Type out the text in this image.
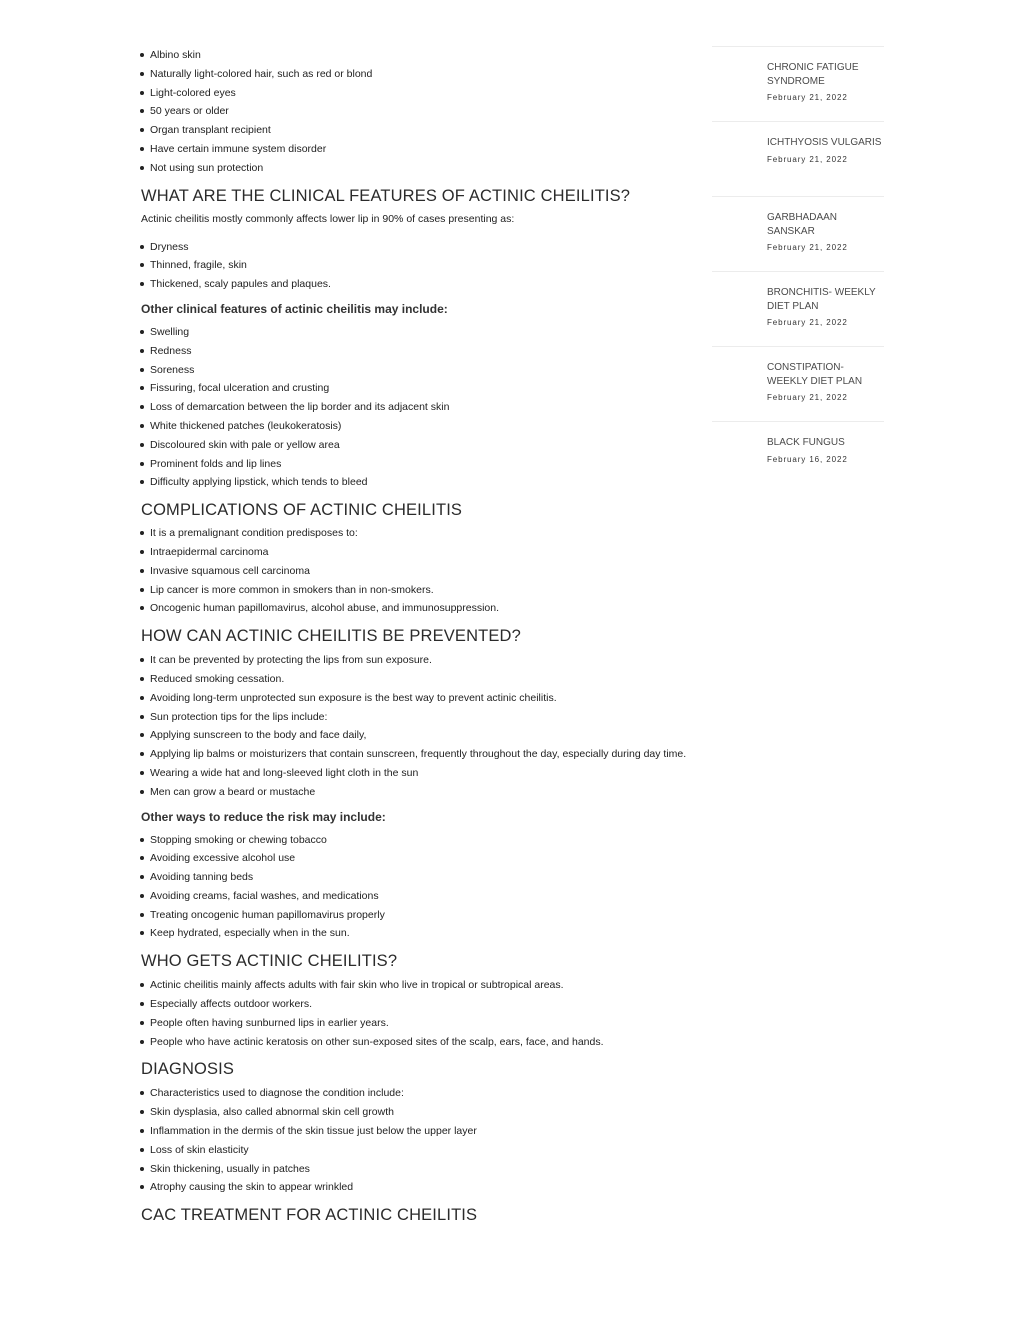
Albino skin
Naturally light-colored hair, such as red or blond
Light-colored eyes
50 years or older
Organ transplant recipient
Have certain immune system disorder
Not using sun protection
WHAT ARE THE CLINICAL FEATURES OF ACTINIC CHEILITIS?

Actinic cheilitis mostly commonly affects lower lip in 90% of cases presenting as:

Dryness
Thinned, fragile, skin
Thickened, scaly papules and plaques.
Other clinical features of actinic cheilitis may include:
Swelling
Redness
Soreness
Fissuring, focal ulceration and crusting
Loss of demarcation between the lip border and its adjacent skin
White thickened patches (leukokeratosis)
Discoloured skin with pale or yellow area
Prominent folds and lip lines
Difficulty applying lipstick, which tends to bleed
COMPLICATIONS OF ACTINIC CHEILITIS
It is a premalignant condition predisposes to:
Intraepidermal carcinoma
Invasive squamous cell carcinoma
Lip cancer is more common in smokers than in non-smokers.
Oncogenic human papillomavirus, alcohol abuse, and immunosuppression.
HOW CAN ACTINIC CHEILITIS BE PREVENTED?
It can be prevented by protecting the lips from sun exposure.
Reduced smoking cessation.
Avoiding long-term unprotected sun exposure is the best way to prevent actinic cheilitis.
Sun protection tips for the lips include:
Applying sunscreen to the body and face daily,
Applying lip balms or moisturizers that contain sunscreen, frequently throughout the day, especially during day time.
Wearing a wide hat and long-sleeved light cloth in the sun
Men can grow a beard or mustache
Other ways to reduce the risk may include:
Stopping smoking or chewing tobacco
Avoiding excessive alcohol use
Avoiding tanning beds
Avoiding creams, facial washes, and medications
Treating oncogenic human papillomavirus properly
Keep hydrated, especially when in the sun.
WHO GETS ACTINIC CHEILITIS?
Actinic cheilitis mainly affects adults with fair skin who live in tropical or subtropical areas.
Especially affects outdoor workers.
People often having sunburned lips in earlier years.
People who have actinic keratosis on other sun-exposed sites of the scalp, ears, face, and hands.
DIAGNOSIS
Characteristics used to diagnose the condition include:
Skin dysplasia, also called abnormal skin cell growth
Inflammation in the dermis of the skin tissue just below the upper layer
Loss of skin elasticity
Skin thickening, usually in patches
Atrophy causing the skin to appear wrinkled
CAC TREATMENT FOR ACTINIC CHEILITIS
CHRONIC FATIGUE SYNDROME
February 21, 2022
ICHTHYOSIS VULGARIS
February 21, 2022
GARBHADAAN SANSKAR
February 21, 2022
BRONCHITIS- WEEKLY DIET PLAN
February 21, 2022
CONSTIPATION- WEEKLY DIET PLAN
February 21, 2022
BLACK FUNGUS
February 16, 2022
